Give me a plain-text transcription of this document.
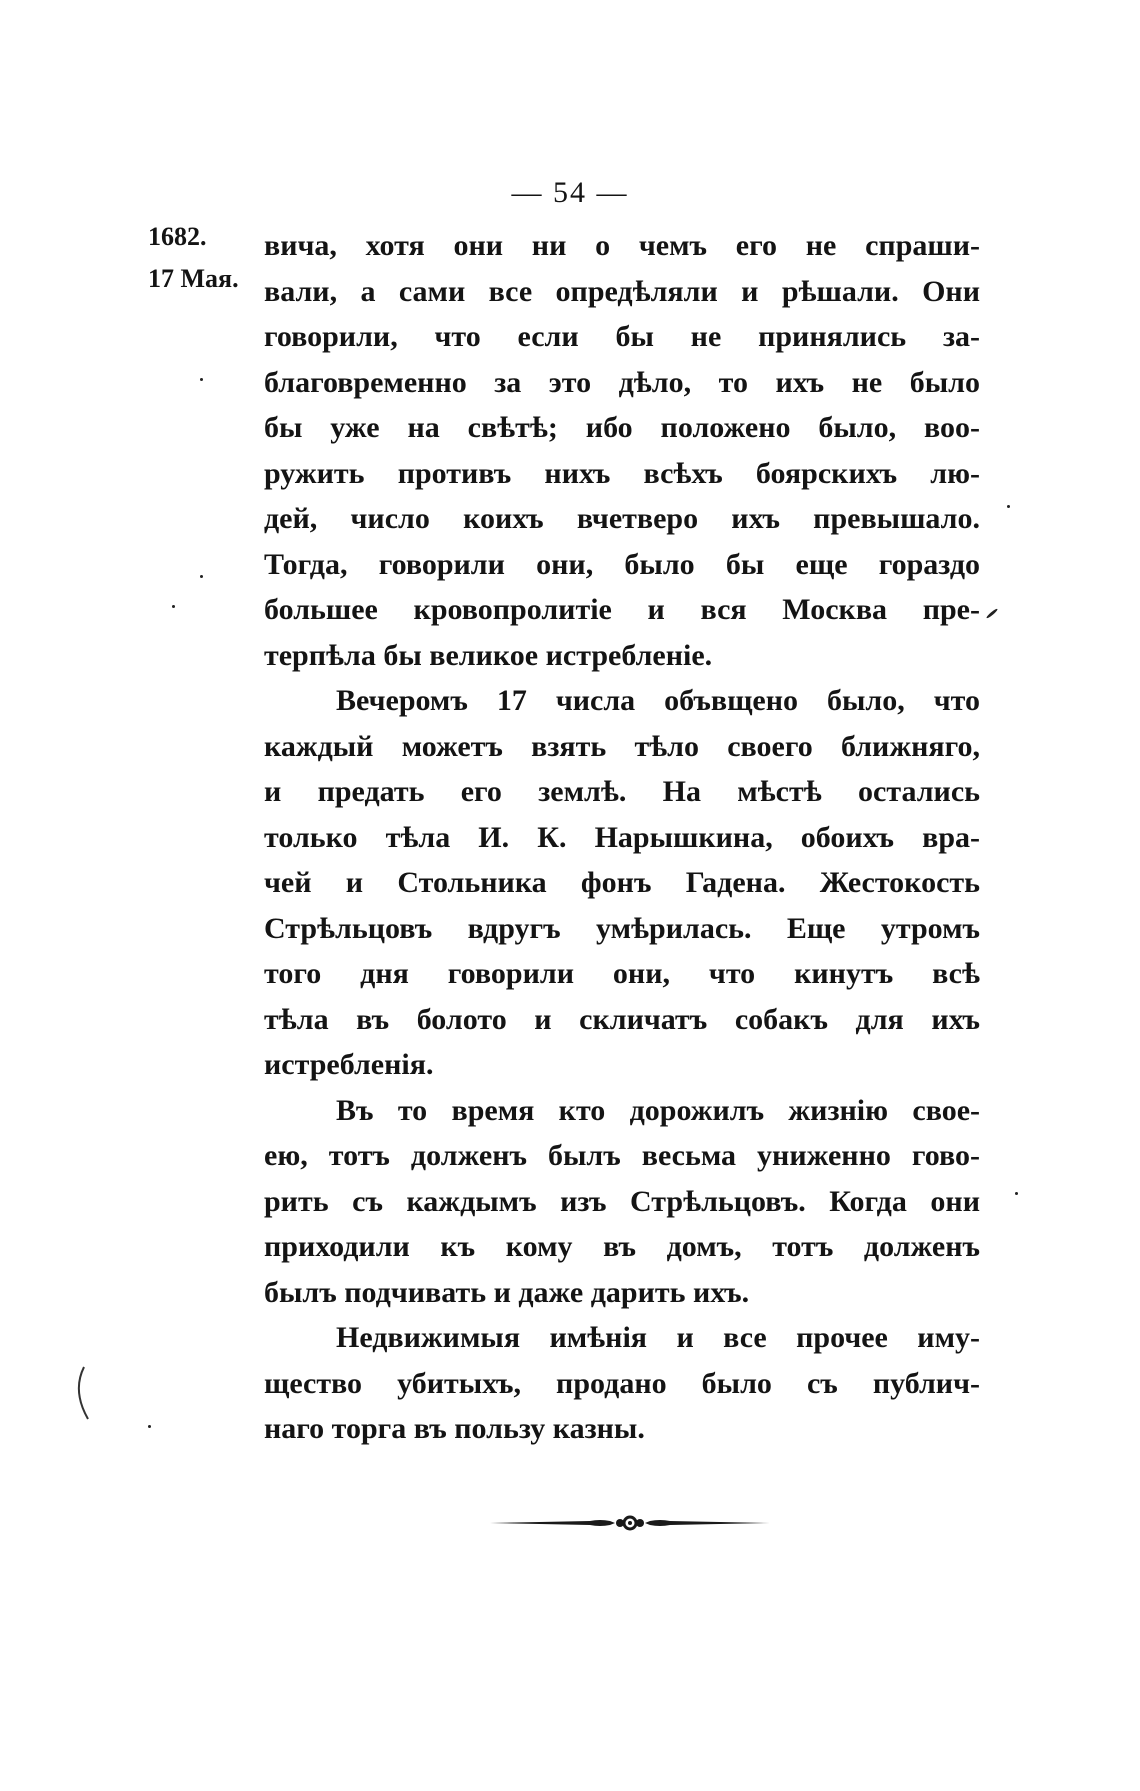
— 54 —
1682.
17 Мая.
вича, хотя они ни о чемъ его не спраши-
вали, а сами все опредѣляли и рѣшали. Они
говорили, что если бы не принялись за-
благовременно за это дѣло, то ихъ не было
бы уже на свѣтѣ; ибо положено было, воо-
ружить противъ нихъ всѣхъ боярскихъ лю-
дей, число коихъ вчетверо ихъ превышало.
Тогда, говорили они, было бы еще гораздо
большее кровопролитіе и вся Москва пре-
терпѣла бы великое истребленіе.
Вечеромъ 17 числа объвщено было, что
каждый можетъ взять тѣло своего ближняго,
и предать его землѣ. На мѣстѣ остались
только тѣла И. К. Нарышкина, обоихъ вра-
чей и Стольника фонъ Гадена. Жестокость
Стрѣльцовъ вдругъ умѣрилась. Еще утромъ
того дня говорили они, что кинутъ всѣ
тѣла въ болото и скличатъ собакъ для ихъ
истребленія.
Въ то время кто дорожилъ жизнію свое-
ею, тотъ долженъ былъ весьма униженно гово-
рить съ каждымъ изъ Стрѣльцовъ. Когда они
приходили къ кому въ домъ, тотъ долженъ
былъ подчивать и даже дарить ихъ.
Недвижимыя имѣнія и все прочее иму-
щество убитыхъ, продано было съ публич-
наго торга въ пользу казны.
